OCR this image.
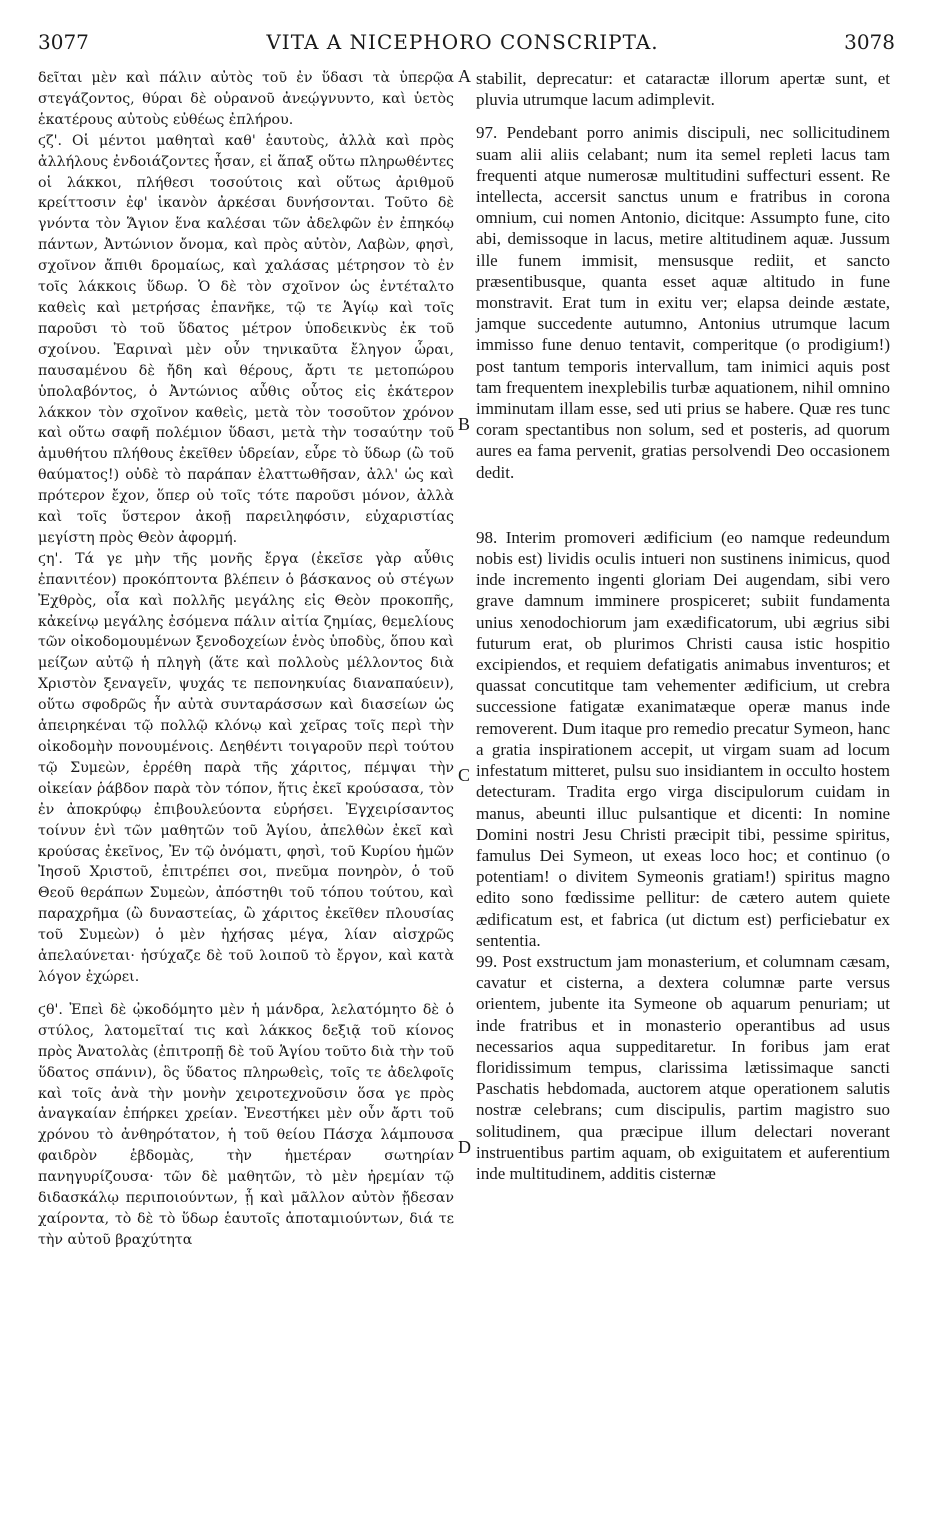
3077	VITA A NICEPHORO CONSCRIPTA.	3078

δεῖται μὲν καὶ πάλιν αὐτὸς τοῦ ἐν ὕδασι τὰ ὑπερῷα στεγάζοντος, θύραι δὲ οὐρανοῦ ἀνεῴγνυντο, καὶ ὑετὸς ἑκατέρους αὐτοὺς εὐθέως ἐπλήρου.

ϛζ'. Οἱ μέντοι μαθηταὶ καθ' ἑαυτοὺς, ἀλλὰ καὶ πρὸς ἀλλήλους ἐνδοιάζοντες ἦσαν, εἰ ἅπαξ οὕτω πληρωθέντες οἱ λάκκοι, πλήθεσι τοσούτοις καὶ οὕτως ἀριθμοῦ κρείττοσιν ἐφ' ἱκανὸν ἀρκέσαι δυνήσονται. Τοῦτο δὲ γνόντα τὸν Ἅγιον ἕνα καλέσαι τῶν ἀδελφῶν ἐν ἐπηκόῳ πάντων, Ἀντώνιον ὄνομα, καὶ πρὸς αὐτὸν, Λαβὼν, φησὶ, σχοῖνον ἄπιθι δρομαίως, καὶ χαλάσας μέτρησον τὸ ἐν τοῖς λάκκοις ὕδωρ. Ὁ δὲ τὸν σχοῖνον ὡς ἐντέταλτο καθεὶς καὶ μετρήσας ἐπανῆκε, τῷ τε Ἁγίῳ καὶ τοῖς παροῦσι τὸ τοῦ ὕδατος μέτρον ὑποδεικνὺς ἐκ τοῦ σχοίνου. Ἐαριναὶ μὲν οὖν τηνικαῦτα ἔληγον ὧραι, παυσαμένου δὲ ἤδη καὶ θέρους, ἄρτι τε μετοπώρου ὑπολαβόντος, ὁ Ἀντώνιος αὖθις οὗτος εἰς ἑκάτερον λάκκον τὸν σχοῖνον καθεὶς, μετὰ τὸν τοσοῦτον χρόνον καὶ οὕτω σαφῆ πολέμιον ὕδασι, μετὰ τὴν τοσαύτην τοῦ ἀμυθήτου πλήθους ἐκεῖθεν ὑδρείαν, εὗρε τὸ ὕδωρ (ὢ τοῦ θαύματος!) οὐδὲ τὸ παράπαν ἐλαττωθῆσαν, ἀλλ' ὡς καὶ πρότερον ἔχον, ὅπερ οὐ τοῖς τότε παροῦσι μόνον, ἀλλὰ καὶ τοῖς ὕστερον ἀκοῇ παρειληφόσιν, εὐχαριστίας μεγίστη πρὸς Θεὸν ἀφορμή.

ϛη'. Τά γε μὴν τῆς μονῆς ἔργα (ἐκεῖσε γὰρ αὖθις ἐπανιτέον) προκόπτοντα βλέπειν ὁ βάσκανος οὐ στέγων Ἐχθρὸς, οἷα καὶ πολλῆς μεγάλης εἰς Θεὸν προκοπῆς, κἀκείνῳ μεγάλης ἐσόμενα πάλιν αἰτία ζημίας, θεμελίους τῶν οἰκοδομουμένων ξενοδοχείων ἑνὸς ὑποδὺς, ὅπου καὶ μείζων αὐτῷ ἡ πληγὴ (ἅτε καὶ πολλοὺς μέλλοντος διὰ Χριστὸν ξεναγεῖν, ψυχάς τε πεπονηκυίας διαναπαύειν), οὕτω σφοδρῶς ἦν αὐτὰ συνταράσσων καὶ διασείων ὡς ἀπειρηκέναι τῷ πολλῷ κλόνῳ καὶ χεῖρας τοῖς περὶ τὴν οἰκοδομὴν πονουμένοις. Δεηθέντι τοιγαροῦν περὶ τούτου τῷ Συμεὼν, ἐρρέθη παρὰ τῆς χάριτος, πέμψαι τὴν οἰκείαν ῥάβδον παρὰ τὸν τόπον, ἥτις ἐκεῖ κρούσασα, τὸν ἐν ἀποκρύφῳ ἐπιβουλεύοντα εὑρήσει. Ἐγχειρίσαντος τοίνυν ἑνὶ τῶν μαθητῶν τοῦ Ἁγίου, ἀπελθὼν ἐκεῖ καὶ κρούσας ἐκεῖνος, Ἐν τῷ ὀνόματι, φησὶ, τοῦ Κυρίου ἡμῶν Ἰησοῦ Χριστοῦ, ἐπιτρέπει σοι, πνεῦμα πονηρὸν, ὁ τοῦ Θεοῦ θεράπων Συμεὼν, ἀπόστηθι τοῦ τόπου τούτου, καὶ παραχρῆμα (ὢ δυναστείας, ὢ χάριτος ἐκεῖθεν πλουσίας τοῦ Συμεὼν) ὁ μὲν ἠχήσας μέγα, λίαν αἰσχρῶς ἀπελαύνεται· ἡσύχαζε δὲ τοῦ λοιποῦ τὸ ἔργον, καὶ κατὰ λόγον ἐχώρει.

ϛθ'. Ἐπεὶ δὲ ᾠκοδόμητο μὲν ἡ μάνδρα, λελατόμητο δὲ ὁ στύλος, λατομεῖταί τις καὶ λάκκος δεξιᾷ τοῦ κίονος πρὸς Ἀνατολὰς (ἐπιτροπῇ δὲ τοῦ Ἁγίου τοῦτο διὰ τὴν τοῦ ὕδατος σπάνιν), ὃς ὕδατος πληρωθεὶς, τοῖς τε ἀδελφοῖς καὶ τοῖς ἀνὰ τὴν μονὴν χειροτεχνοῦσιν ὅσα γε πρὸς ἀναγκαίαν ἐπήρκει χρείαν. Ἐνεστήκει μὲν οὖν ἄρτι τοῦ χρόνου τὸ ἀνθηρότατον, ἡ τοῦ θείου Πάσχα λάμπουσα φαιδρὸν ἑβδομὰς, τὴν ἡμετέραν σωτηρίαν πανηγυρίζουσα· τῶν δὲ μαθητῶν, τὸ μὲν ἠρεμίαν τῷ διδασκάλῳ περιποιούντων, ᾗ καὶ μᾶλλον αὐτὸν ᾔδεσαν χαίροντα, τὸ δὲ τὸ ὕδωρ ἑαυτοῖς ἀποταμιούντων, διά τε τὴν αὐτοῦ βραχύτητα

A
B
C
D

stabilit, deprecatur: et cataractæ illorum apertæ sunt, et pluvia utrumque lacum adimplevit.

97. Pendebant porro animis discipuli, nec sollicitudinem suam alii aliis celabant; num ita semel repleti lacus tam frequenti atque numerosæ multitudini suffecturi essent. Re intellecta, accersit sanctus unum e fratribus in corona omnium, cui nomen Antonio, dicitque: Assumpto fune, cito abi, demissoque in lacus, metire altitudinem aquæ. Jussum ille funem immisit, mensusque rediit, et sancto præsentibusque, quanta esset aquæ altitudo in fune monstravit. Erat tum in exitu ver; elapsa deinde æstate, jamque succedente autumno, Antonius utrumque lacum immisso fune denuo tentavit, comperitque (o prodigium!) post tantum temporis intervallum, tam inimici aquis post tam frequentem inexplebilis turbæ aquationem, nihil omnino imminutam illam esse, sed uti prius se habere. Quæ res tunc coram spectantibus non solum, sed et posteris, ad quorum aures ea fama pervenit, gratias persolvendi Deo occasionem dedit.

98. Interim promoveri ædificium (eo namque redeundum nobis est) lividis oculis intueri non sustinens inimicus, quod inde incremento ingenti gloriam Dei augendam, sibi vero grave damnum imminere prospiceret; subiit fundamenta unius xenodochiorum jam exædificatorum, ubi ægrius sibi futurum erat, ob plurimos Christi causa istic hospitio excipiendos, et requiem defatigatis animabus inventuros; et quassat concutitque tam vehementer ædificium, ut crebra successione fatigatæ exanimatæque operæ manus inde removerent. Dum itaque pro remedio precatur Symeon, hanc a gratia inspirationem accepit, ut virgam suam ad locum infestatum mitteret, pulsu suo insidiantem in occulto hostem detecturam. Tradita ergo virga discipulorum cuidam in manus, abeunti illuc pulsantique et dicenti: In nomine Domini nostri Jesu Christi præcipit tibi, pessime spiritus, famulus Dei Symeon, ut exeas loco hoc; et continuo (o potentiam! o divitem Symeonis gratiam!) spiritus magno edito sono fœdissime pellitur: de cætero autem quiete ædificatum est, et fabrica (ut dictum est) perficiebatur ex sententia.

99. Post exstructum jam monasterium, et columnam cæsam, cavatur et cisterna, a dextera columnæ parte versus orientem, jubente ita Symeone ob aquarum penuriam; ut inde fratribus et in monasterio operantibus ad usus necessarios aqua suppeditaretur. In foribus jam erat floridissimum tempus, clarissima lætissimaque sancti Paschatis hebdomada, auctorem atque operationem salutis nostræ celebrans; cum discipulis, partim magistro suo solitudinem, qua præcipue illum delectari noverant instruentibus partim aquam, ob exiguitatem et auferentium inde multitudinem, additis cisternæ
